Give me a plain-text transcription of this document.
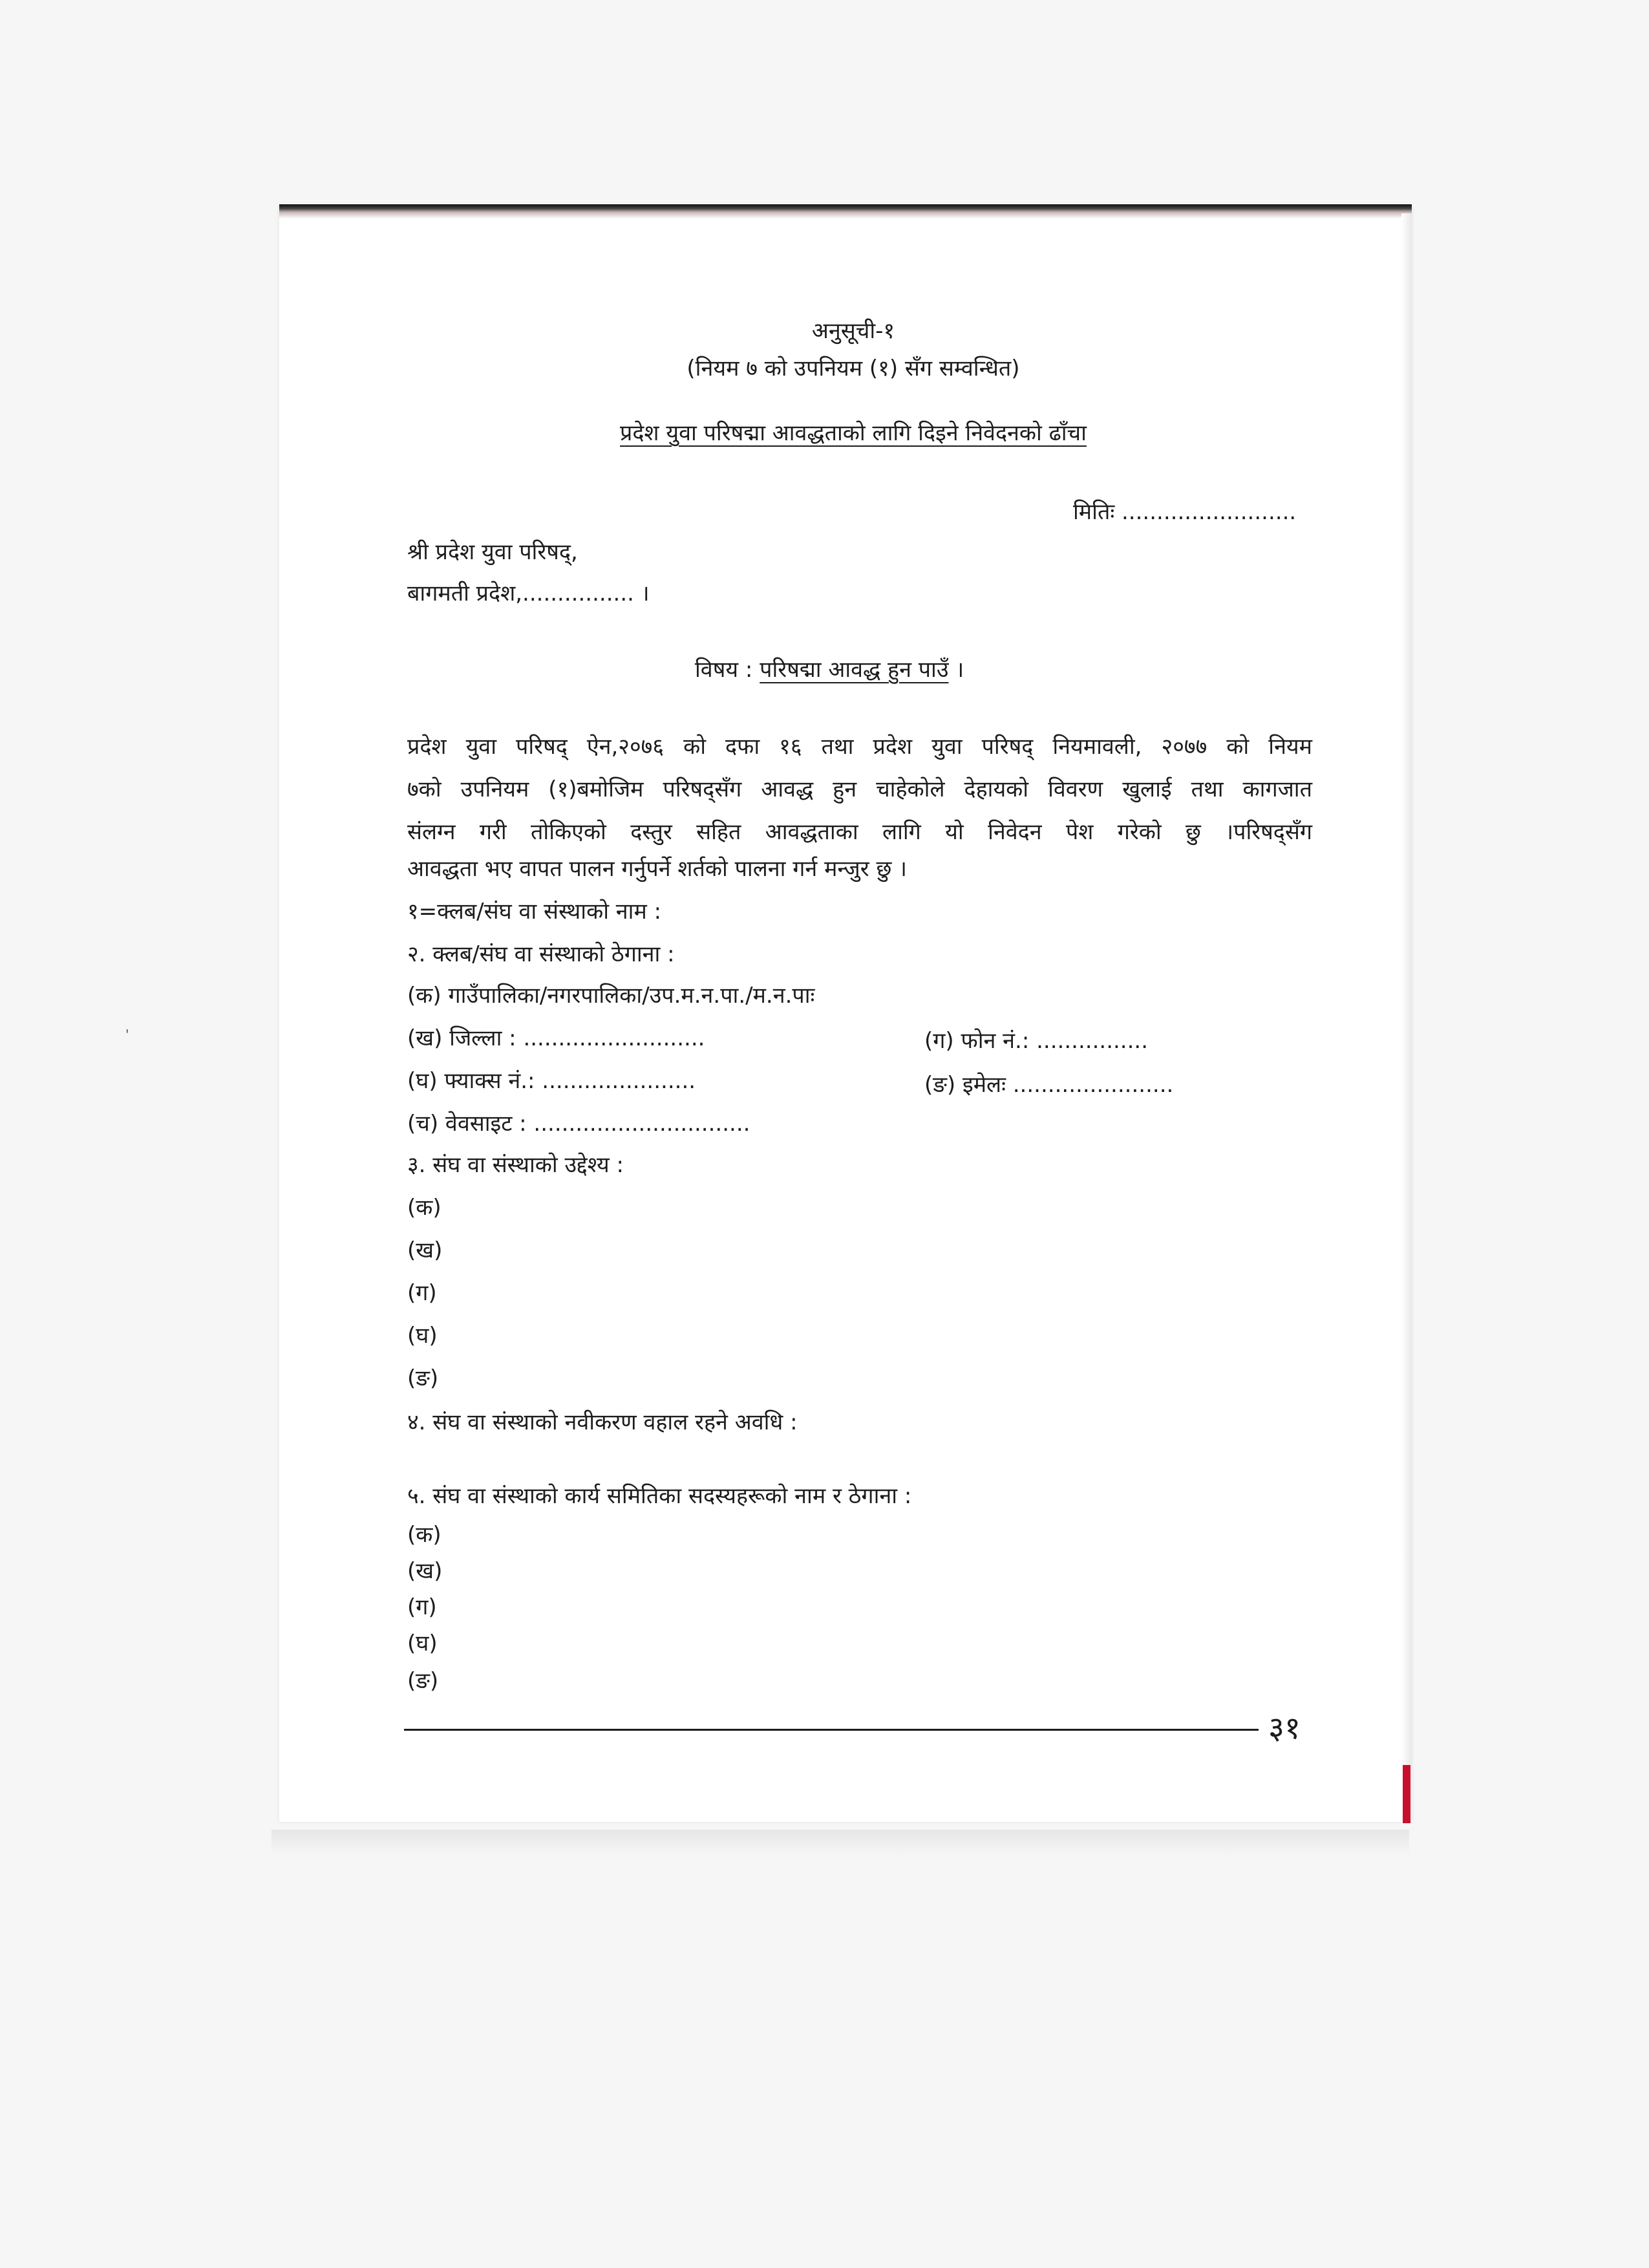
'
अनुसूची-१
(नियम ७ को उपनियम (१) सँग सम्वन्धित)
प्रदेश युवा परिषद्मा आवद्धताको लागि दिइने निवेदनको ढाँचा
मितिः .........................
श्री प्रदेश युवा परिषद्,
बागमती प्रदेश,................ ।
विषय : परिषद्मा आवद्ध हुन पाउँ ।
प्रदेश युवा परिषद् ऐन,२०७६ को दफा १६ तथा प्रदेश युवा परिषद् नियमावली, २०७७ को नियम
७को उपनियम (१)बमोजिम परिषद्सँग आवद्ध हुन चाहेकोले देहायको विवरण खुलाई तथा कागजात
संलग्न गरी तोकिएको दस्तुर सहित आवद्धताका लागि यो निवेदन पेश गरेको छु ।परिषद्सँग
आवद्धता भए वापत पालन गर्नुपर्ने शर्तको पालना गर्न मन्जुर छु ।
१=क्लब/संघ वा संस्थाको नाम :
२. क्लब/संघ वा संस्थाको ठेगाना :
(क) गाउँपालिका/नगरपालिका/उप.म.न.पा./म.न.पाः
(ख) जिल्ला : ..........................	(ग) फोन नं.: ................
(घ) फ्याक्स नं.: ......................	(ङ) इमेलः .......................
(च) वेवसाइट : ...............................
३. संघ वा संस्थाको उद्देश्य :
(क)
(ख)
(ग)
(घ)
(ङ)
४. संघ वा संस्थाको नवीकरण वहाल रहने अवधि :
५. संघ वा संस्थाको कार्य समितिका सदस्यहरूको नाम र ठेगाना :
(क)
(ख)
(ग)
(घ)
(ङ)
३१
